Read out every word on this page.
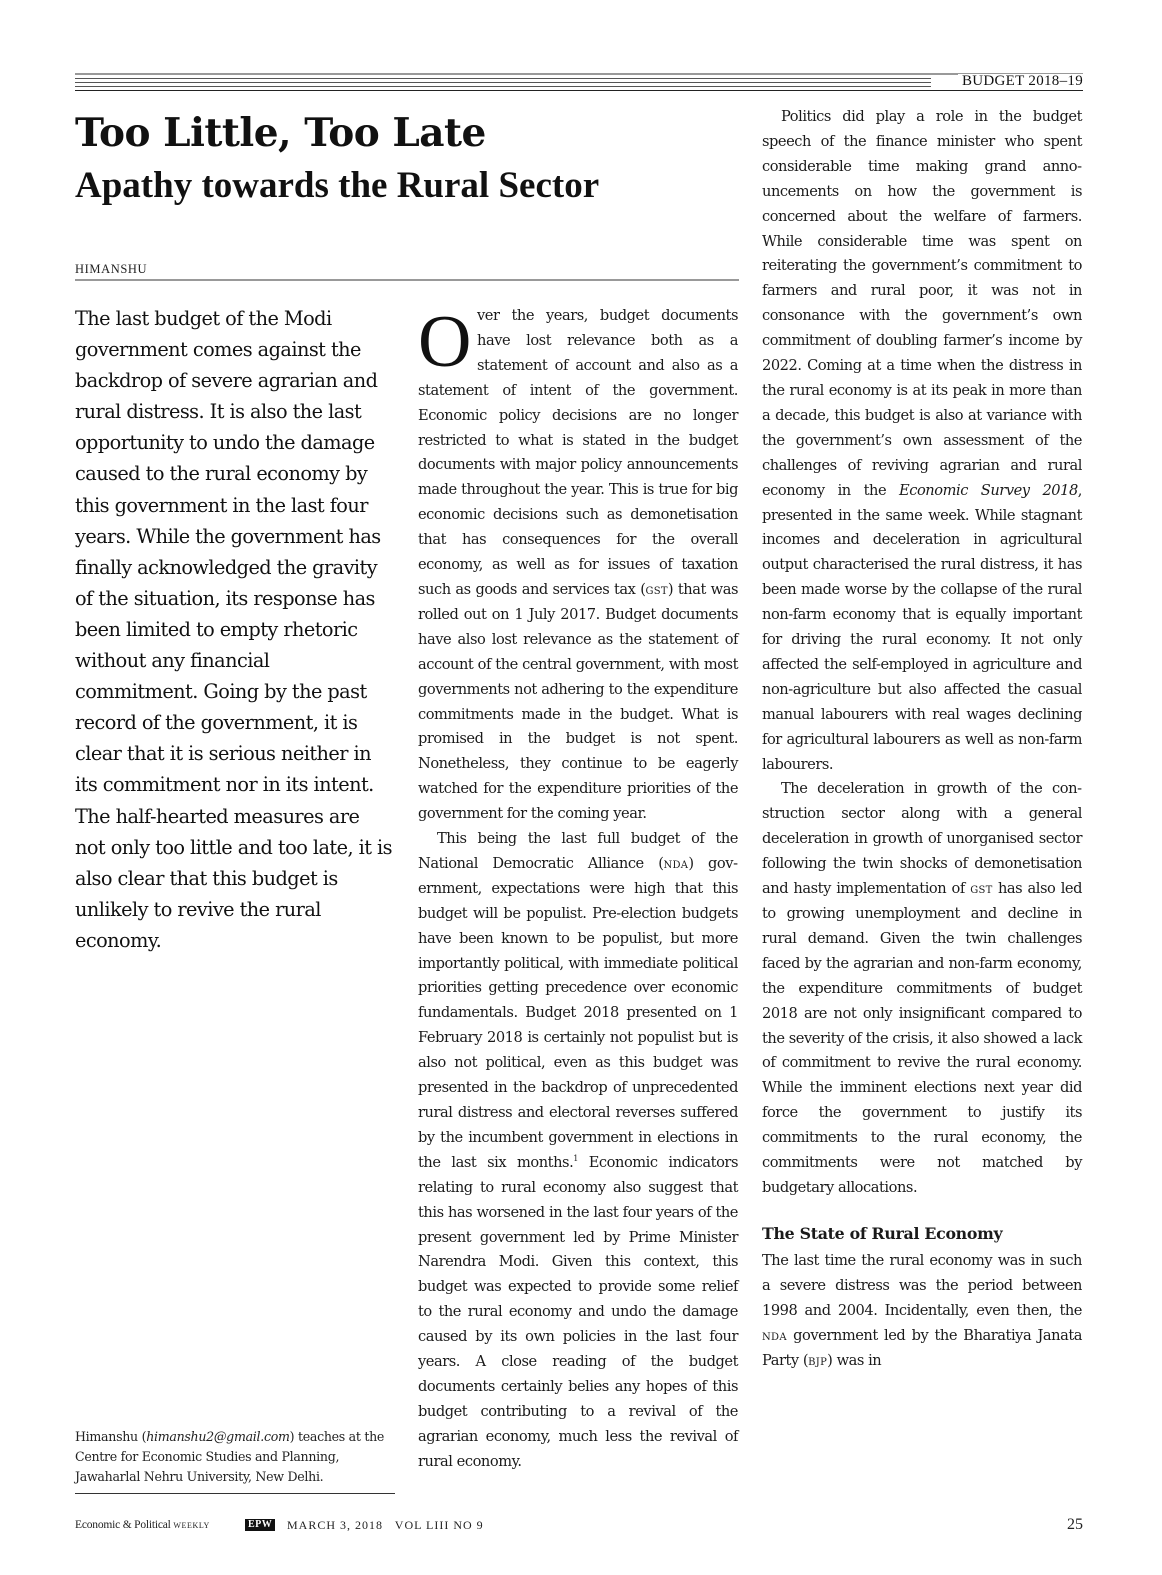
BUDGET 2018–19
Too Little, Too Late
Apathy towards the Rural Sector
HIMANSHU

The last budget of the Modi government comes against the backdrop of severe agrarian and rural distress. It is also the last opportunity to undo the damage caused to the rural economy by this government in the last four years. While the government has finally acknowledged the gravity of the situation, its response has been limited to empty rhetoric without any financial commitment. Going by the past record of the government, it is clear that it is serious neither in its commitment nor in its intent. The half-hearted measures are not only too little and too late, it is also clear that this budget is unlikely to revive the rural economy.

Himanshu (himanshu2@gmail.com) teaches at the Centre for Economic Studies and Planning, Jawaharlal Nehru University, New Delhi.

Over the years, budget documents have lost relevance both as a statement of account and also as a statement of intent of the government. Economic policy decisions are no longer restricted to what is stated in the budget documents with major policy announcements made throughout the year. This is true for big economic decisions such as demonetisation that has consequences for the overall economy, as well as for issues of taxation such as goods and services tax (gst) that was rolled out on 1 July 2017. Budget documents have also lost relevance as the statement of account of the central government, with most governments not adhering to the expenditure commitments made in the budget. What is promised in the budget is not spent. Nonetheless, they continue to be eagerly watched for the expenditure priorities of the government for the coming year.

This being the last full budget of the National Democratic Alliance (nda) government, expectations were high that this budget will be populist. Pre-election budgets have been known to be populist, but more importantly political, with immediate political priorities getting precedence over economic fundamentals. Budget 2018 presented on 1 February 2018 is certainly not populist but is also not political, even as this budget was presented in the backdrop of unprecedented rural distress and electoral reverses suffered by the incumbent government in elections in the last six months.$^1$ Economic indicators relating to rural economy also suggest that this has worsened in the last four years of the present government led by Prime Minister Narendra Modi. Given this context, this budget was expected to provide some relief to the rural economy and undo the damage caused by its own policies in the last four years. A close reading of the budget documents certainly belies any hopes of this budget contributing to a revival of the agrarian economy, much less the revival of rural economy.

Politics did play a role in the budget speech of the finance minister who spent considerable time making grand announcements on how the government is concerned about the welfare of farmers. While considerable time was spent on reiterating the government’s commitment to farmers and rural poor, it was not in consonance with the government’s own commitment of doubling farmer’s income by 2022. Coming at a time when the distress in the rural economy is at its peak in more than a decade, this budget is also at variance with the government’s own assessment of the challenges of reviving agrarian and rural economy in the Economic Survey 2018, presented in the same week. While stagnant incomes and deceleration in agricultural output characterised the rural distress, it has been made worse by the collapse of the rural non-farm economy that is equally important for driving the rural economy. It not only affected the self-employed in agriculture and non-agriculture but also affected the casual manual labourers with real wages declining for agricultural labourers as well as non-farm labourers.

The deceleration in growth of the construction sector along with a general deceleration in growth of unorganised sector following the twin shocks of demonetisation and hasty implementation of gst has also led to growing unemployment and decline in rural demand. Given the twin challenges faced by the agrarian and non-farm economy, the expenditure commitments of budget 2018 are not only insignificant compared to the severity of the crisis, it also showed a lack of commitment to revive the rural economy. While the imminent elections next year did force the government to justify its commitments to the rural economy, the commitments were not matched by budgetary allocations.

The State of Rural Economy

The last time the rural economy was in such a severe distress was the period between 1998 and 2004. Incidentally, even then, the nda government led by the Bharatiya Janata Party (bjp) was in

Economic & Political weekly	EPW MARCH 3, 2018   VOL LIII NO 9	25
